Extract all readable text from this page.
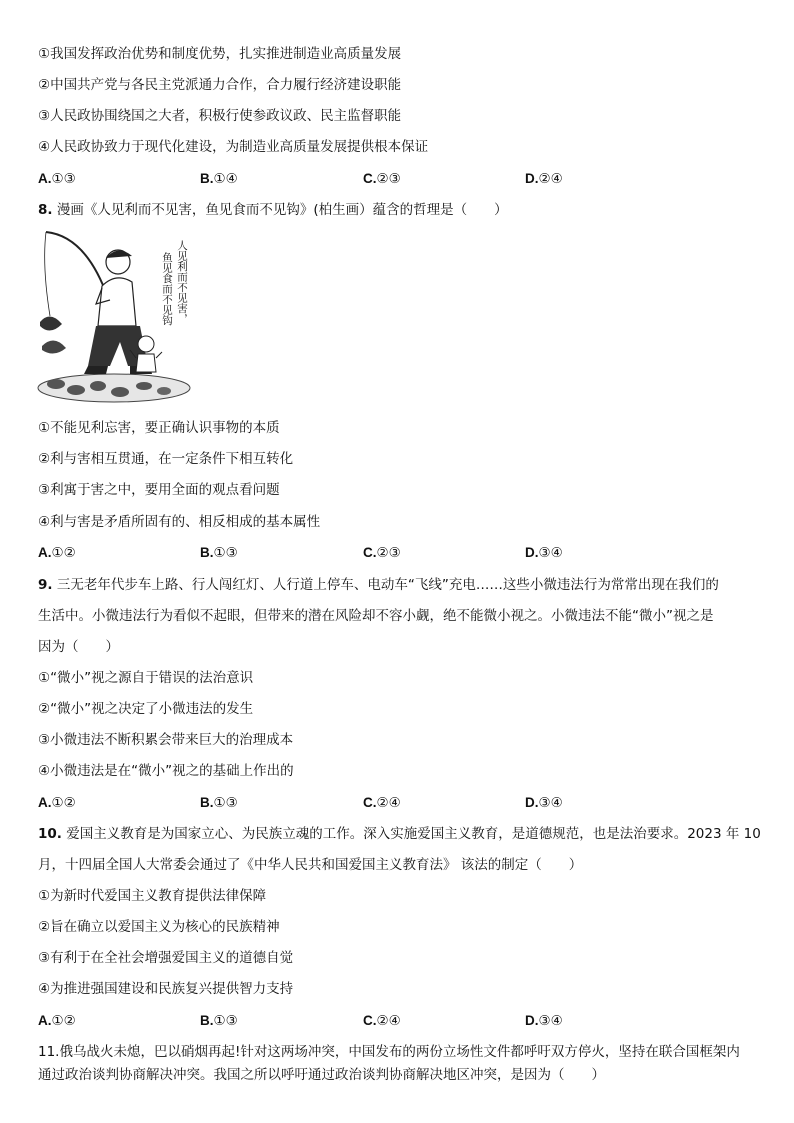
①我国发挥政治优势和制度优势，扎实推进制造业高质量发展
②中国共产党与各民主党派通力合作，合力履行经济建设职能
③人民政协围绕国之大者，积极行使参政议政、民主监督职能
④人民政协致力于现代化建设，为制造业高质量发展提供根本保证
A.①③	B.①④	C.②③	D.②④
8. 漫画《人见利而不见害，鱼见食而不见钩》(柏生画）蕴含的哲理是（　　）
人见利而不见害，
鱼见食而不见钩
①不能见利忘害，要正确认识事物的本质
②利与害相互贯通，在一定条件下相互转化
③利寓于害之中，要用全面的观点看问题
④利与害是矛盾所固有的、相反相成的基本属性
A.①②	B.①③	C.②③	D.③④
9. 三无老年代步车上路、行人闯红灯、人行道上停车、电动车“飞线”充电……这些小微违法行为常常出现在我们的
生活中。小微违法行为看似不起眼，但带来的潜在风险却不容小觑，绝不能微小视之。小微违法不能“微小”视之是
因为（　　）
①“微小”视之源自于错误的法治意识
②“微小”视之决定了小微违法的发生
③小微违法不断积累会带来巨大的治理成本
④小微违法是在“微小”视之的基础上作出的
A.①②	B.①③	C.②④	D.③④
10. 爱国主义教育是为国家立心、为民族立魂的工作。深入实施爱国主义教育，是道德规范，也是法治要求。2023 年 10
月，十四届全国人大常委会通过了《中华人民共和国爱国主义教育法》 该法的制定（　　）
①为新时代爱国主义教育提供法律保障
②旨在确立以爱国主义为核心的民族精神
③有利于在全社会增强爱国主义的道德自觉
④为推进强国建设和民族复兴提供智力支持
A.①②	B.①③	C.②④	D.③④
11.俄乌战火未熄，巴以硝烟再起!针对这两场冲突，中国发布的两份立场性文件都呼吁双方停火，坚持在联合国框架内
通过政治谈判协商解决冲突。我国之所以呼吁通过政治谈判协商解决地区冲突，是因为（　　）
